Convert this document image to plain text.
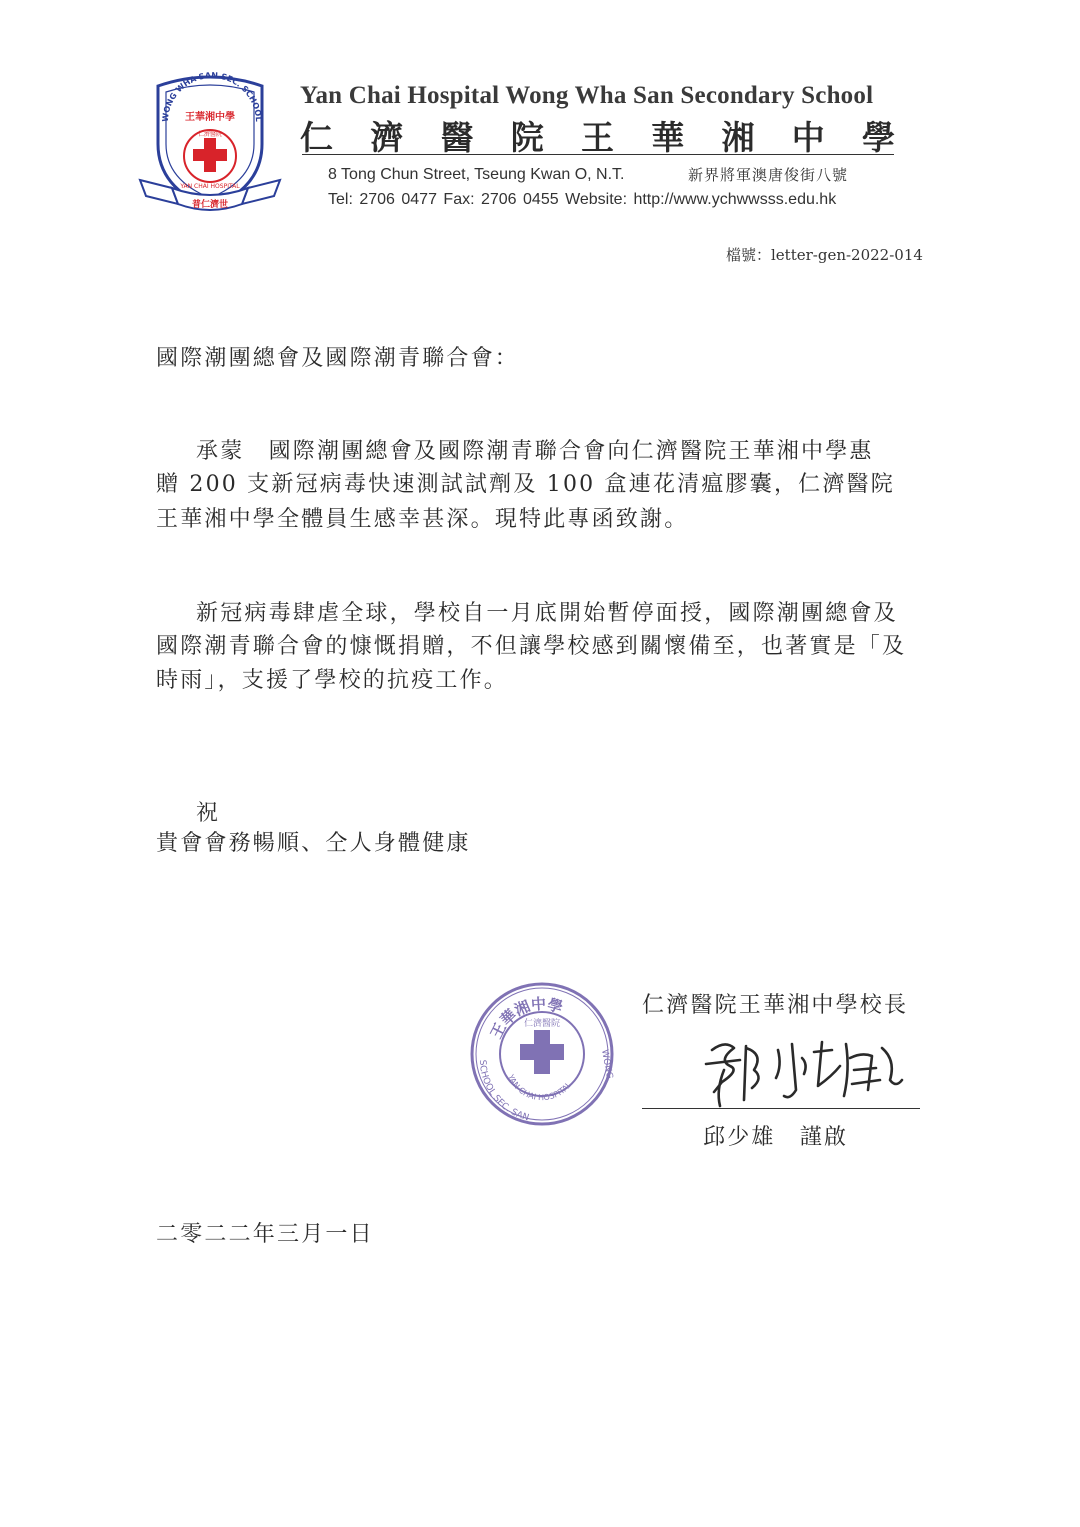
WONG WHA SAN SEC. SCHOOL
王華湘中學
YAN CHAI HOSPITAL
仁濟醫院
普仁濟世
Yan Chai Hospital Wong Wha San Secondary School
仁 濟 醫 院 王 華 湘 中 學
8 Tong Chun Street, Tseung Kwan O, N.T.	新界將軍澳唐俊街八號
Tel: 2706 0477 Fax: 2706 0455 Website: http://www.ychwwsss.edu.hk
檔號：letter-gen-2022-014
國際潮團總會及國際潮青聯合會：
承蒙　國際潮團總會及國際潮青聯合會向仁濟醫院王華湘中學惠
贈 200 支新冠病毒快速測試試劑及 100 盒連花清瘟膠囊，仁濟醫院
王華湘中學全體員生感幸甚深。現特此專函致謝。
新冠病毒肆虐全球，學校自一月底開始暫停面授，國際潮團總會及
國際潮青聯合會的慷慨捐贈，不但讓學校感到關懷備至，也著實是「及
時雨」，支援了學校的抗疫工作。
祝
貴會會務暢順、仝人身體健康
王華湘中學
仁濟醫院
YAN CHAI HOSPITAL
SCHOOL SEC. SAN
WONG
仁濟醫院王華湘中學校長
邱少雄　謹啟
二零二二年三月一日
